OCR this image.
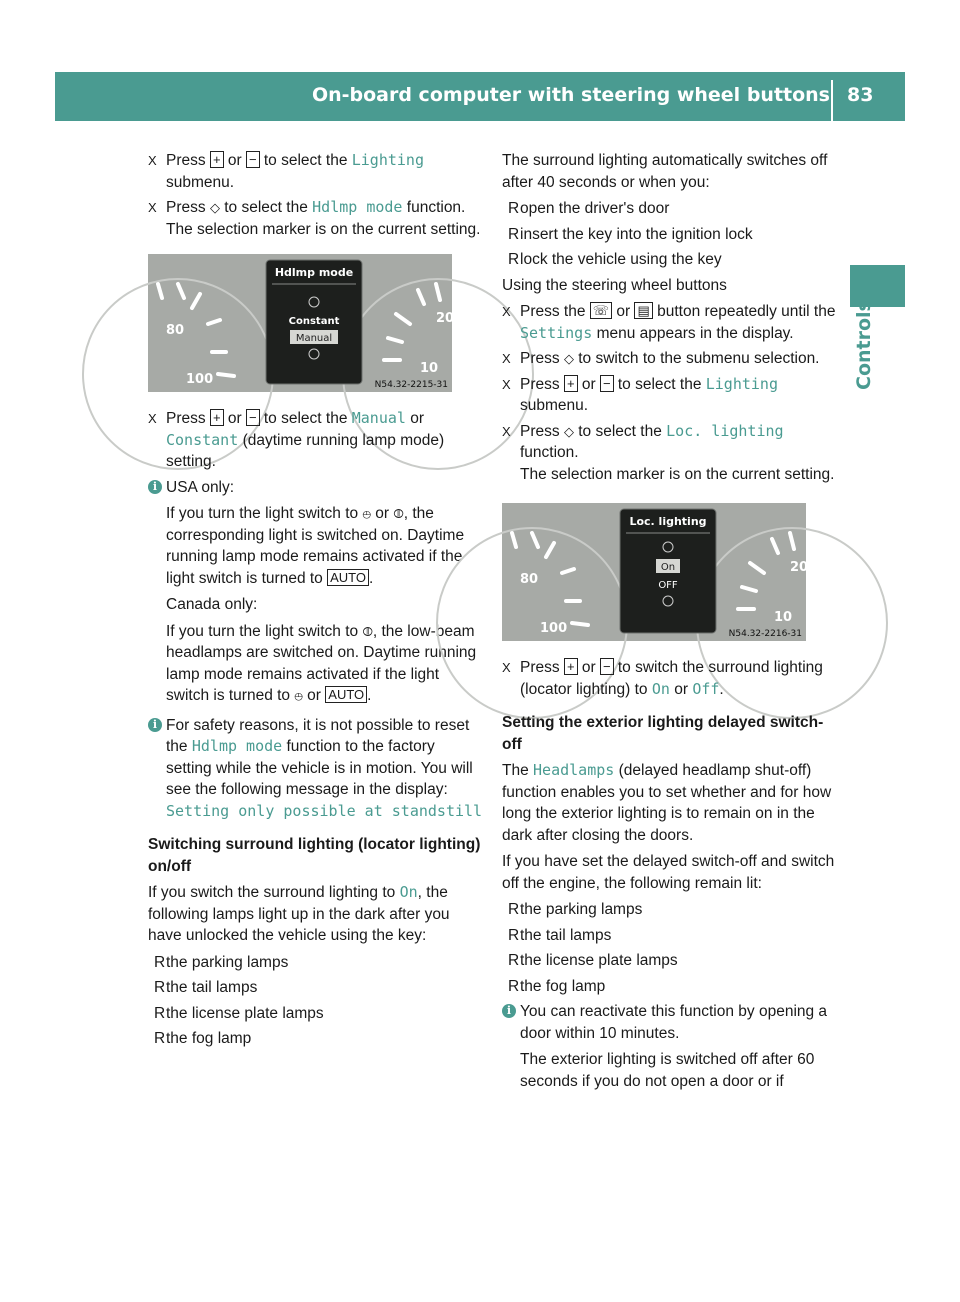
On-board computer with steering wheel buttons 83
Controls
X Press + or − to select the Lighting submenu.
X Press ◇ to select the Hdlmp mode function.
The selection marker is on the current setting.
80
100
20
10
Hdlmp mode
Constant
Manual
N54.32-2215-31
X Press + or − to select the Manual or Constant (daytime running lamp mode) setting.
i USA only:

If you turn the light switch to ⦺ or ⦷, the corresponding light is switched on. Daytime running lamp mode remains activated if the light switch is turned to AUTO .

Canada only:

If you turn the light switch to ⦷, the low-beam headlamps are switched on. Daytime running lamp mode remains activated if the light switch is turned to ⦺ or AUTO .

i For safety reasons, it is not possible to reset the Hdlmp mode function to the factory setting while the vehicle is in motion. You will see the following message in the display: Setting only possible at standstill

Switching surround lighting (locator lighting) on/off
If you switch the surround lighting to On, the following lamps light up in the dark after you have unlocked the vehicle using the key:
R the parking lamps
R the tail lamps
R the license plate lamps
R the fog lamp
The surround lighting automatically switches off after 40 seconds or when you:
R open the driver's door
R insert the key into the ignition lock
R lock the vehicle using the key
Using the steering wheel buttons
X Press the ☏ or ▤ button repeatedly until the Settings menu appears in the display.
X Press ◇ to switch to the submenu selection.
X Press + or − to select the Lighting submenu.
X Press ◇ to select the Loc. lighting function.
The selection marker is on the current setting.
80
100
20
10
Loc. lighting
On
OFF
N54.32-2216-31
X Press + or − to switch the surround lighting (locator lighting) to On or Off.
Setting the exterior lighting delayed switch-off
The Headlamps (delayed headlamp shut-off) function enables you to set whether and for how long the exterior lighting is to remain on in the dark after closing the doors.
If you have set the delayed switch-off and switch off the engine, the following remain lit:
R the parking lamps
R the tail lamps
R the license plate lamps
R the fog lamp
i You can reactivate this function by opening a door within 10 minutes.

The exterior lighting is switched off after 60 seconds if you do not open a door or if
